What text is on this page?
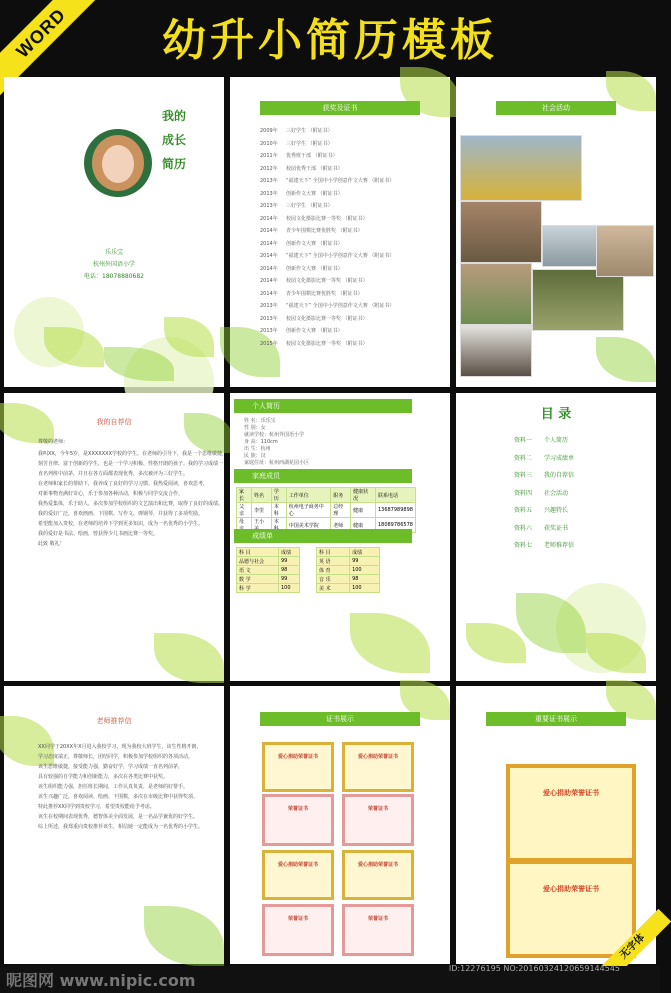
WORD	幼升小简历模板
我的
成长
简历
乐乐宝
杭州外国语小学
电话：18078880682
获奖及证书
2009年 三好学生 （附证书）
2010年 三好学生 （附证书）
2011年 优秀班干部 （附证书）
2012年 校园优秀干部 （附证书）
2013年 “福建天下” 全国中小学创意作文大赛 （附证书）
2013年 创新作文大赛 （附证书）
2013年 三好学生 （附证书）
2014年 校园文化摄影比赛一等奖 （附证书）
2014年 青少年围棋比赛优胜奖 （附证书）
2014年 创新作文大赛 （附证书）
2014年 “福建天下” 全国中小学创意作文大赛 （附证书）
2014年 创新作文大赛 （附证书）
2014年 校园文化摄影比赛一等奖 （附证书）
2014年 青少年围棋比赛优胜奖 （附证书）
2013年 “福建天下” 全国中小学创意作文大赛 （附证书）
2013年 校园文化摄影比赛一等奖 （附证书）
2013年 创新作文大赛 （附证书）
2015年 校园文化摄影比赛一等奖 （附证书）
社会活动
我的自荐信
尊敬的老师：
我叫XX，今年5岁，是XXXXXXX学校的学生。在老师的引导下，我是一个思维敏捷，
刻苦自律、富于创新的学生，也是一个学习积极、性格开朗的孩子。我的学习成绩一
直名列班中前茅，并且在各方面都表现优秀，多次被评为三好学生。
在老师和家长的帮助下，我养成了良好的学习习惯。我热爱阅读，喜欢思考，
对新事物充满好奇心，乐于参加各种活动，积极与同学交流合作。
我热爱集体，乐于助人，多次参加学校组织的文艺演出和比赛，取得了良好的成绩。
我的爱好广泛，喜欢画画、下围棋、写作文、弹钢琴，并获得了多项奖励。
希望能加入贵校，在老师的培养下学到更多知识，成为一名优秀的小学生。
我的爱好是书法、绘画，曾获得少儿书画比赛一等奖。
此致 敬礼！
个人简历
姓 名：乐乐宝
性 别：女
就读学校：杭州外国语小学
身 高：110cm
出 生：杭州
民 族：汉
家庭住址：杭州西湖花园小区
家庭成员
家长	姓名	学历	工作单位	职务	健康状况	联系电话
父亲	李里	本科	杭州电子商务中心	总经理	健康	13687989898
母	王小	本	中国美术学院	老师	健康	18089786578
成绩单
科 目	成绩
品德与社会	99
语 文	98
数 学	99
科 学	100
科 目	成绩
英 语	99
体 育	100
音 乐	98
美 术	100
目 录
资料一 个人简历
资料二 学习成绩单
资料三 我的自荐信
资料四 社会活动
资料五 兴趣特长
资料六 获奖证书
资料七 老师推荐信
老师推荐信
XX同学于20XX年X月进入我校学习，现为我校大班学生，该生性格开朗，
学习态度端正，尊敬师长，团结同学，积极参加学校组织的各项活动。
该生思维敏捷，接受能力强，勤奋好学，学习成绩一直名列前茅，
具有较强的自学能力和创新能力，多次在各类比赛中获奖。
该生组织能力强，担任班长期间，工作认真负责，是老师的好帮手。
该生兴趣广泛，喜欢阅读、绘画、下围棋，多次在市级比赛中获得奖项。
特此推荐XX同学到贵校学习，希望贵校能给予考虑。
该生在校期间表现优秀，德智体美全面发展，是一名品学兼优的好学生。
综上所述，我郑重向贵校推荐该生，相信她一定能成为一名优秀的小学生。
证书展示
爱心捐助荣誉证书	爱心捐助荣誉证书
荣誉证书	荣誉证书
爱心捐助荣誉证书	爱心捐助荣誉证书
荣誉证书	荣誉证书
重要证书展示
爱心捐助荣誉证书
爱心捐助荣誉证书
无字体
昵图网 www.nipic.com
ID:12276195 NO:20160324120659144545
